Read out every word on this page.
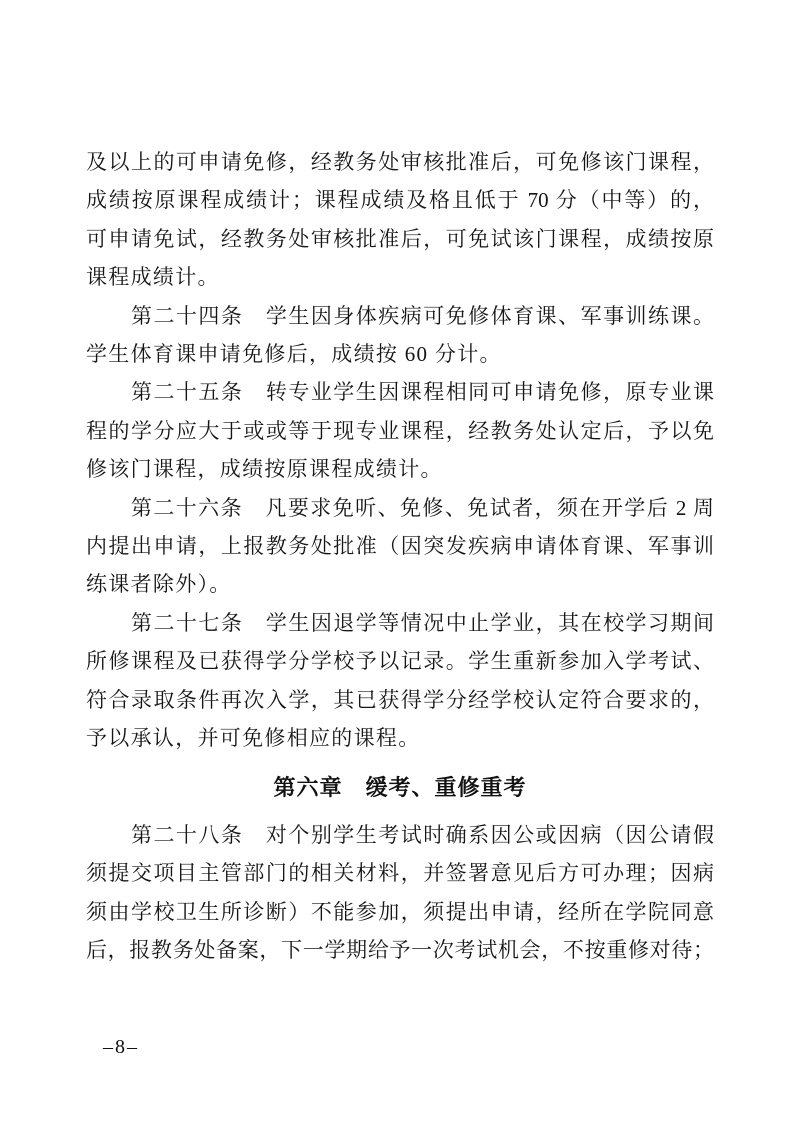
及以上的可申请免修，经教务处审核批准后，可免修该门课程，
成绩按原课程成绩计；课程成绩及格且低于 70 分（中等）的，
可申请免试，经教务处审核批准后，可免试该门课程，成绩按原
课程成绩计。
　　第二十四条　学生因身体疾病可免修体育课、军事训练课。
学生体育课申请免修后，成绩按 60 分计。
　　第二十五条　转专业学生因课程相同可申请免修，原专业课
程的学分应大于或或等于现专业课程，经教务处认定后，予以免
修该门课程，成绩按原课程成绩计。
　　第二十六条　凡要求免听、免修、免试者，须在开学后 2 周
内提出申请，上报教务处批准（因突发疾病申请体育课、军事训
练课者除外）。
　　第二十七条　学生因退学等情况中止学业，其在校学习期间
所修课程及已获得学分学校予以记录。学生重新参加入学考试、
符合录取条件再次入学，其已获得学分经学校认定符合要求的，
予以承认，并可免修相应的课程。
第六章　缓考、重修重考
　　第二十八条　对个别学生考试时确系因公或因病（因公请假
须提交项目主管部门的相关材料，并签署意见后方可办理；因病
须由学校卫生所诊断）不能参加，须提出申请，经所在学院同意
后，报教务处备案，下一学期给予一次考试机会，不按重修对待；
–8–
